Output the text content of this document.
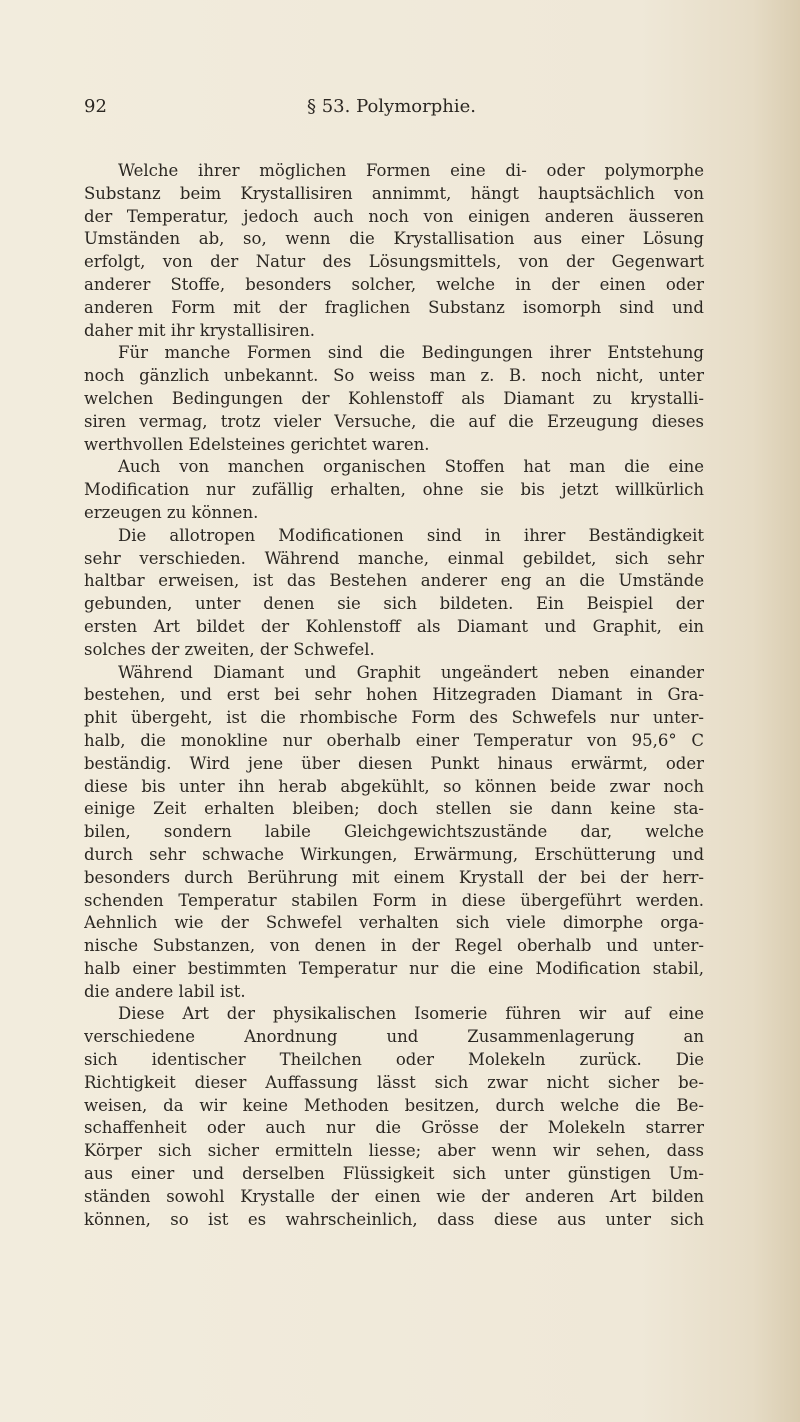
92	§ 53. Polymorphie.
Welche ihrer möglichen Formen eine di- oder polymorphe
Substanz beim Krystallisiren annimmt, hängt hauptsächlich von
der Temperatur, jedoch auch noch von einigen anderen äusseren
Umständen ab, so, wenn die Krystallisation aus einer Lösung
erfolgt, von der Natur des Lösungsmittels, von der Gegenwart
anderer Stoffe, besonders solcher, welche in der einen oder
anderen Form mit der fraglichen Substanz isomorph sind und
daher mit ihr krystallisiren.
Für manche Formen sind die Bedingungen ihrer Entstehung
noch gänzlich unbekannt. So weiss man z. B. noch nicht, unter
welchen Bedingungen der Kohlenstoff als Diamant zu krystalli-
siren vermag, trotz vieler Versuche, die auf die Erzeugung dieses
werthvollen Edelsteines gerichtet waren.
Auch von manchen organischen Stoffen hat man die eine
Modification nur zufällig erhalten, ohne sie bis jetzt willkürlich
erzeugen zu können.
Die allotropen Modificationen sind in ihrer Beständigkeit
sehr verschieden. Während manche, einmal gebildet, sich sehr
haltbar erweisen, ist das Bestehen anderer eng an die Umstände
gebunden, unter denen sie sich bildeten. Ein Beispiel der
ersten Art bildet der Kohlenstoff als Diamant und Graphit, ein
solches der zweiten, der Schwefel.
Während Diamant und Graphit ungeändert neben einander
bestehen, und erst bei sehr hohen Hitzegraden Diamant in Gra-
phit übergeht, ist die rhombische Form des Schwefels nur unter-
halb, die monokline nur oberhalb einer Temperatur von 95,6° C
beständig. Wird jene über diesen Punkt hinaus erwärmt, oder
diese bis unter ihn herab abgekühlt, so können beide zwar noch
einige Zeit erhalten bleiben; doch stellen sie dann keine sta-
bilen, sondern labile Gleichgewichtszustände dar, welche
durch sehr schwache Wirkungen, Erwärmung, Erschütterung und
besonders durch Berührung mit einem Krystall der bei der herr-
schenden Temperatur stabilen Form in diese übergeführt werden.
Aehnlich wie der Schwefel verhalten sich viele dimorphe orga-
nische Substanzen, von denen in der Regel oberhalb und unter-
halb einer bestimmten Temperatur nur die eine Modification stabil,
die andere labil ist.
Diese Art der physikalischen Isomerie führen wir auf eine
verschiedene Anordnung und Zusammenlagerung an
sich identischer Theilchen oder Molekeln zurück. Die
Richtigkeit dieser Auffassung lässt sich zwar nicht sicher be-
weisen, da wir keine Methoden besitzen, durch welche die Be-
schaffenheit oder auch nur die Grösse der Molekeln starrer
Körper sich sicher ermitteln liesse; aber wenn wir sehen, dass
aus einer und derselben Flüssigkeit sich unter günstigen Um-
ständen sowohl Krystalle der einen wie der anderen Art bilden
können, so ist es wahrscheinlich, dass diese aus unter sich
